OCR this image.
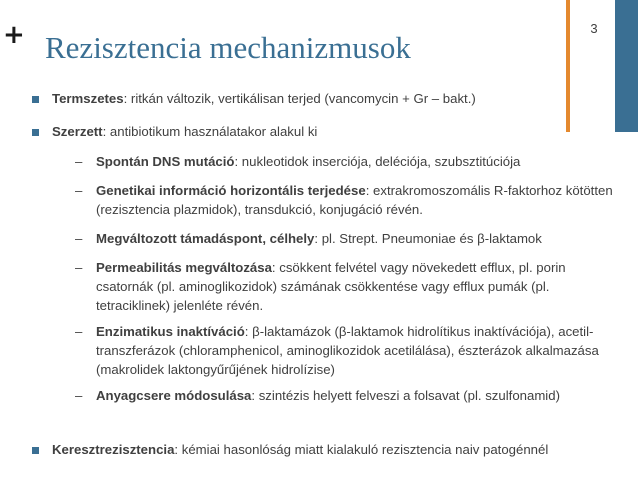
+ Rezisztencia mechanizmusok
3
Termszetes: ritkán változik, vertikálisan terjed (vancomycin + Gr – bakt.)
Szerzett: antibiotikum használatakor alakul ki
– Spontán DNS mutáció: nukleotidok inserciója, deléciója, szubsztitúciója
– Genetikai információ horizontális terjedése: extrakromoszomális R-faktorhoz kötötten (rezisztencia plazmidok), transdukció, konjugáció révén.
– Megváltozott támadáspont, célhely: pl. Strept. Pneumoniae és β-laktamok
– Permeabilitás megváltozása: csökkent felvétel vagy növekedett efflux, pl. porin csatornák (pl. aminoglikozidok) számának csökkentése vagy efflux pumák (pl. tetraciklinek) jelenléte révén.
– Enzimatikus inaktíváció: β-laktamázok (β-laktamok hidrolítikus inaktívációja), acetil-transzferázok (chloramphenicol, aminoglikozidok acetilálása), észterázok alkalmazása (makrolidek laktongyűrűjének hidrolízise)
– Anyagcsere módosulása: szintézis helyett felveszi a folsavat (pl. szulfonamid)
Keresztrezisztencia: kémiai hasonlóság miatt kialakuló rezisztencia naiv patogénnél
